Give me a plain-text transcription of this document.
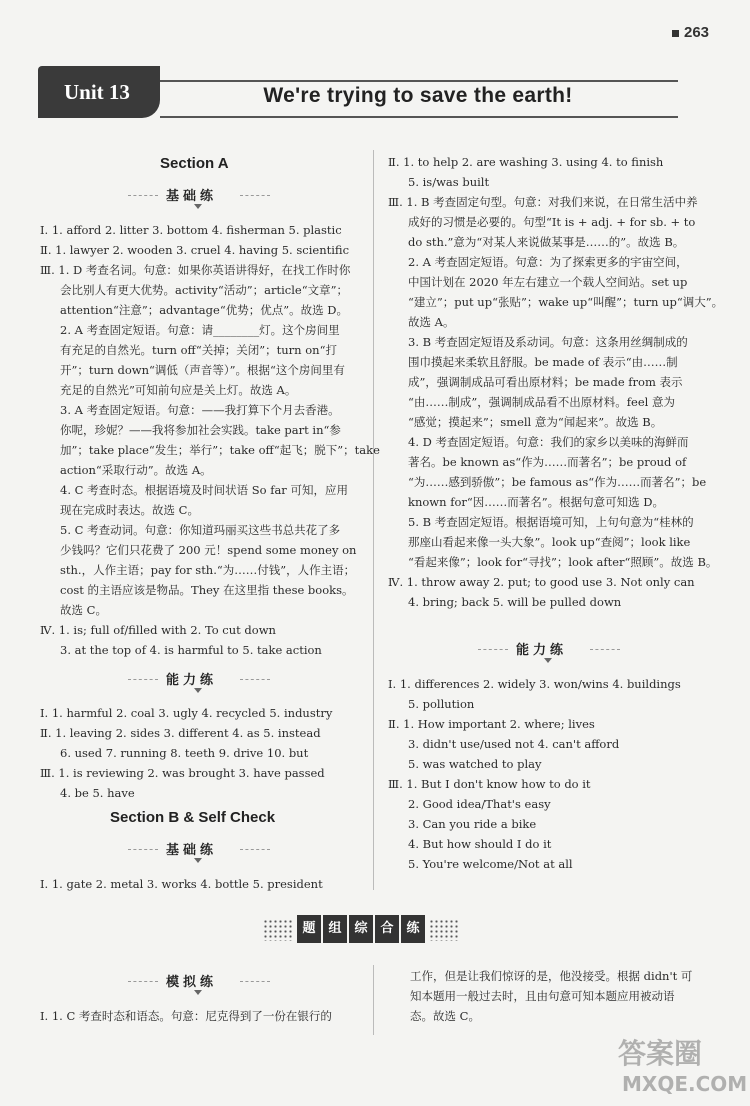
263
Unit 13	We're trying to save the earth!
Section A
基础练
Ⅰ. 1. afford 2. litter 3. bottom 4. fisherman 5. plastic
Ⅱ. 1. lawyer 2. wooden 3. cruel 4. having 5. scientific
Ⅲ. 1. D 考查名词。句意：如果你英语讲得好，在找工作时你
会比别人有更大优势。activity“活动”；article“文章”；
attention“注意”；advantage“优势；优点”。故选 D。
2. A 考查固定短语。句意：请________灯。这个房间里
有充足的自然光。turn off“关掉；关闭”；turn on“打
开”；turn down“调低（声音等）”。根据“这个房间里有
充足的自然光”可知前句应是关上灯。故选 A。
3. A 考查固定短语。句意：——我打算下个月去香港。
你呢，珍妮？——我将参加社会实践。take part in“参
加”；take place“发生；举行”；take off“起飞；脱下”；take
action“采取行动”。故选 A。
4. C 考查时态。根据语境及时间状语 So far 可知，应用
现在完成时表达。故选 C。
5. C 考查动词。句意：你知道玛丽买这些书总共花了多
少钱吗？它们只花费了 200 元！spend some money on
sth.，人作主语；pay for sth.“为……付钱”，人作主语；
cost 的主语应该是物品。They 在这里指 these books。
故选 C。
Ⅳ. 1. is; full of/filled with 2. To cut down
3. at the top of 4. is harmful to 5. take action
能力练
Ⅰ. 1. harmful 2. coal 3. ugly 4. recycled 5. industry
Ⅱ. 1. leaving 2. sides 3. different 4. as 5. instead
6. used 7. running 8. teeth 9. drive 10. but
Ⅲ. 1. is reviewing 2. was brought 3. have passed
4. be 5. have
Section B & Self Check
基础练
Ⅰ. 1. gate 2. metal 3. works 4. bottle 5. president
Ⅱ. 1. to help 2. are washing 3. using 4. to finish
5. is/was built
Ⅲ. 1. B 考查固定句型。句意：对我们来说，在日常生活中养
成好的习惯是必要的。句型“It is + adj. + for sb. + to
do sth.”意为“对某人来说做某事是……的”。故选 B。
2. A 考查固定短语。句意：为了探索更多的宇宙空间，
中国计划在 2020 年左右建立一个载人空间站。set up
“建立”；put up“张贴”；wake up“叫醒”；turn up“调大”。
故选 A。
3. B 考查固定短语及系动词。句意：这条用丝绸制成的
围巾摸起来柔软且舒服。be made of 表示“由……制
成”，强调制成品可看出原材料；be made from 表示
“由……制成”，强调制成品看不出原材料。feel 意为
“感觉；摸起来”；smell 意为“闻起来”。故选 B。
4. D 考查固定短语。句意：我们的家乡以美味的海鲜而
著名。be known as“作为……而著名”；be proud of
“为……感到骄傲”；be famous as“作为……而著名”；be
known for“因……而著名”。根据句意可知选 D。
5. B 考查固定短语。根据语境可知，上句句意为“桂林的
那座山看起来像一头大象”。look up“查阅”；look like
“看起来像”；look for“寻找”；look after“照顾”。故选 B。
Ⅳ. 1. throw away 2. put; to good use 3. Not only can
4. bring; back 5. will be pulled down
能力练
Ⅰ. 1. differences 2. widely 3. won/wins 4. buildings
5. pollution
Ⅱ. 1. How important 2. where; lives
3. didn't use/used not 4. can't afford
5. was watched to play
Ⅲ. 1. But I don't know how to do it
2. Good idea/That's easy
3. Can you ride a bike
4. But how should I do it
5. You're welcome/Not at all
题 组 综 合 练
模拟练
Ⅰ. 1. C 考查时态和语态。句意：尼克得到了一份在银行的
工作，但是让我们惊讶的是，他没接受。根据 didn't 可
知本题用一般过去时，且由句意可知本题应用被动语
态。故选 C。
答案圈
MXQE.COM
